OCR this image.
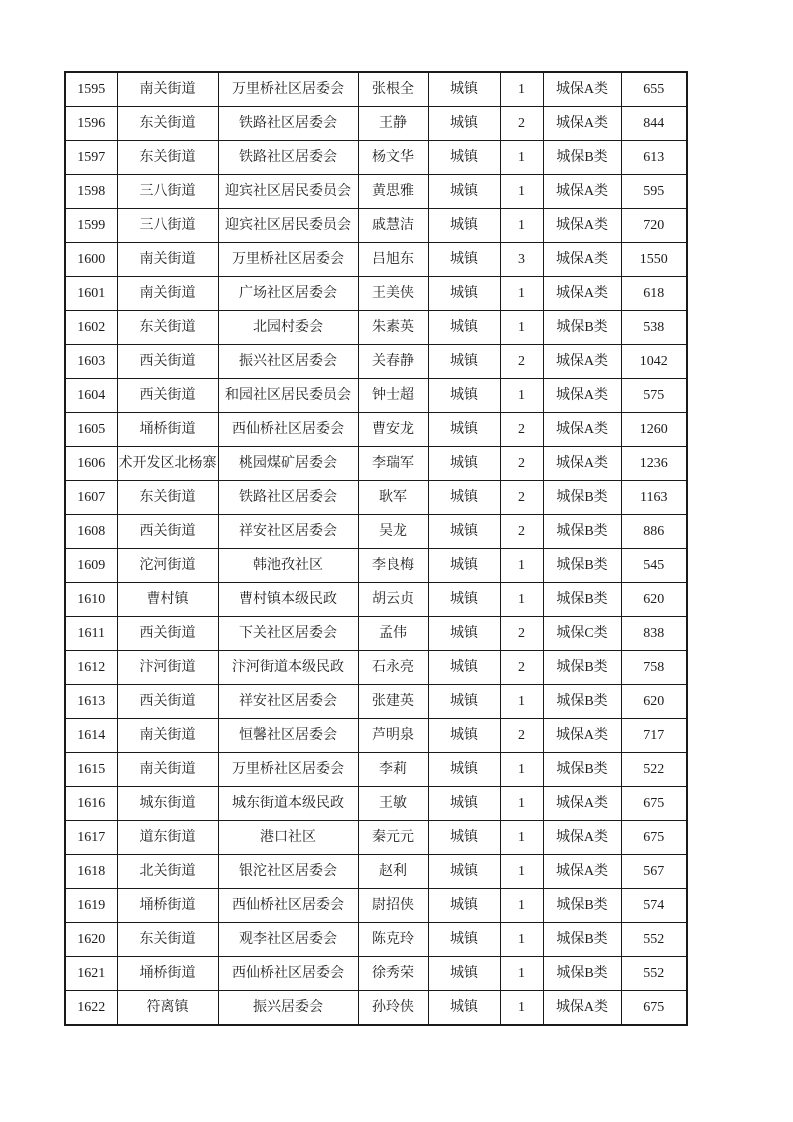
1595	南关街道	万里桥社区居委会	张根全	城镇	1	城保A类	655
1596	东关街道	铁路社区居委会	王静	城镇	2	城保A类	844
1597	东关街道	铁路社区居委会	杨文华	城镇	1	城保B类	613
1598	三八街道	迎宾社区居民委员会	黄思雅	城镇	1	城保A类	595
1599	三八街道	迎宾社区居民委员会	戚慧洁	城镇	1	城保A类	720
1600	南关街道	万里桥社区居委会	吕旭东	城镇	3	城保A类	1550
1601	南关街道	广场社区居委会	王美侠	城镇	1	城保A类	618
1602	东关街道	北园村委会	朱素英	城镇	1	城保B类	538
1603	西关街道	振兴社区居委会	关春静	城镇	2	城保A类	1042
1604	西关街道	和园社区居民委员会	钟士超	城镇	1	城保A类	575
1605	埇桥街道	西仙桥社区居委会	曹安龙	城镇	2	城保A类	1260
1606	术开发区北杨寨	桃园煤矿居委会	李瑞军	城镇	2	城保A类	1236
1607	东关街道	铁路社区居委会	耿军	城镇	2	城保B类	1163
1608	西关街道	祥安社区居委会	吴龙	城镇	2	城保B类	886
1609	沱河街道	韩池孜社区	李良梅	城镇	1	城保B类	545
1610	曹村镇	曹村镇本级民政	胡云贞	城镇	1	城保B类	620
1611	西关街道	下关社区居委会	孟伟	城镇	2	城保C类	838
1612	汴河街道	汴河街道本级民政	石永亮	城镇	2	城保B类	758
1613	西关街道	祥安社区居委会	张建英	城镇	1	城保B类	620
1614	南关街道	恒馨社区居委会	芦明泉	城镇	2	城保A类	717
1615	南关街道	万里桥社区居委会	李莉	城镇	1	城保B类	522
1616	城东街道	城东街道本级民政	王敏	城镇	1	城保A类	675
1617	道东街道	港口社区	秦元元	城镇	1	城保A类	675
1618	北关街道	银沱社区居委会	赵利	城镇	1	城保A类	567
1619	埇桥街道	西仙桥社区居委会	尉招侠	城镇	1	城保B类	574
1620	东关街道	观李社区居委会	陈克玲	城镇	1	城保B类	552
1621	埇桥街道	西仙桥社区居委会	徐秀荣	城镇	1	城保B类	552
1622	符离镇	振兴居委会	孙玲侠	城镇	1	城保A类	675
